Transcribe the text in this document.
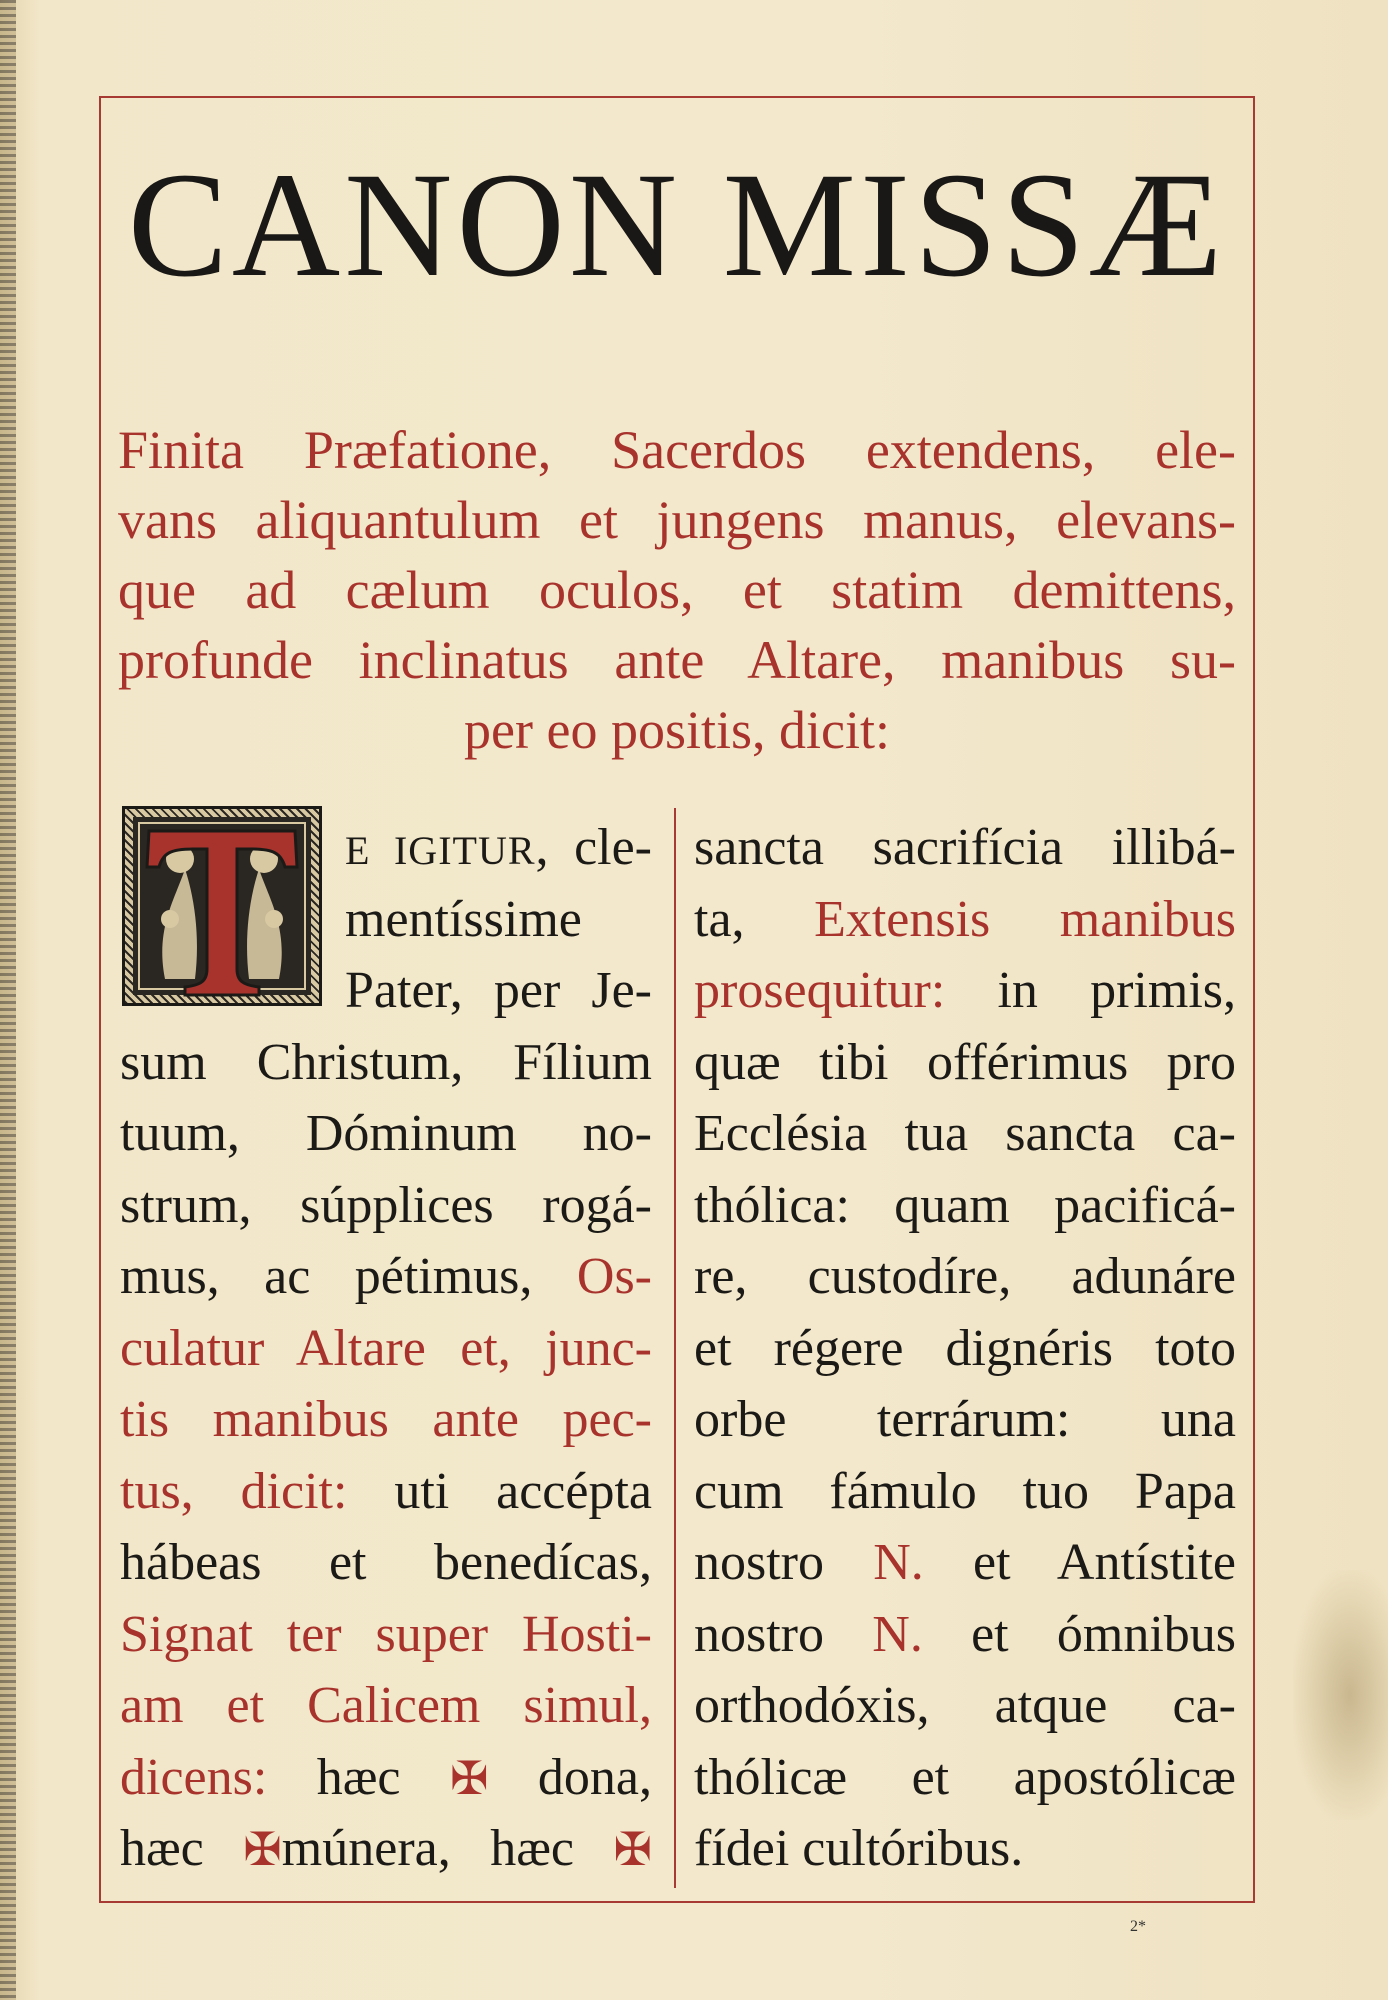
CANON MISSÆ
Finita Præfatione, Sacerdos extendens, ele-
vans aliquantulum et jungens manus, elevans-
que ad cælum oculos, et statim demittens,
profunde inclinatus ante Altare, manibus su-
per eo positis, dicit:
E IGITUR, cle-
mentíssime
Pater, per Je-
sum Christum, Fílium
tuum, Dóminum no-
strum, súpplices rogá-
mus, ac pétimus, Os-
culatur Altare et, junc-
tis manibus ante pec-
tus, dicit: uti accépta
hábeas et benedícas,
Signat ter super Hosti-
am et Calicem simul,
dicens: hæc ✠ dona,
hæc ✠múnera, hæc ✠
sancta sacrifícia illibá-
ta, Extensis manibus
prosequitur: in primis,
quæ tibi offérimus pro
Ecclésia tua sancta ca-
thólica: quam pacificá-
re, custodíre, adunáre
et régere dignéris toto
orbe terrárum: una
cum fámulo tuo Papa
nostro N. et Antístite
nostro N. et ómnibus
orthodóxis, atque ca-
thólicæ et apostólicæ
fídei cultóribus.
2*
